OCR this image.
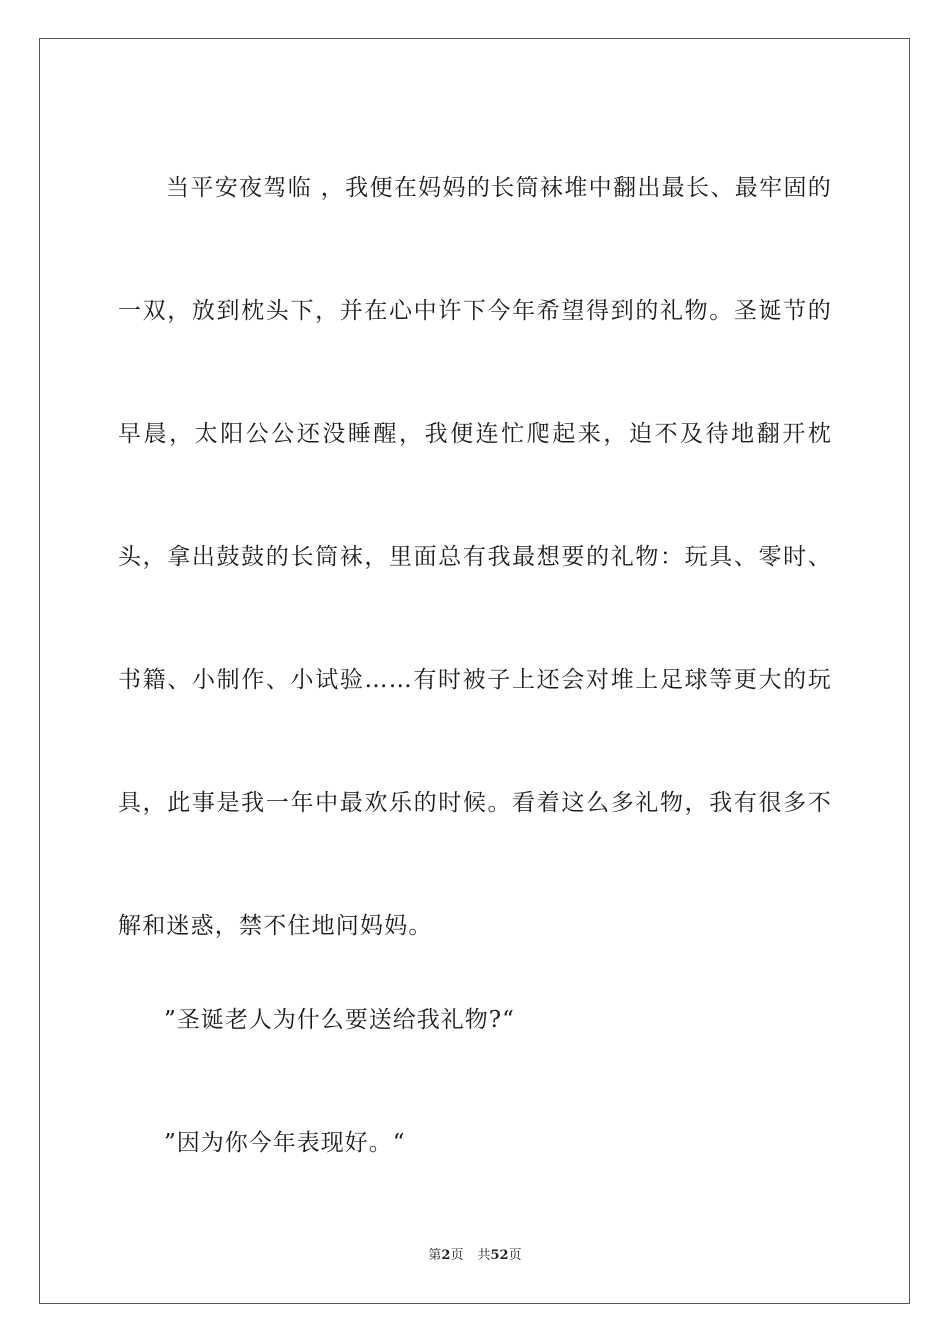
当平安夜驾临 ，我便在妈妈的长筒袜堆中翻出最长、最牢固的一双，放到枕头下，并在心中许下今年希望得到的礼物。圣诞节的早晨，太阳公公还没睡醒，我便连忙爬起来，迫不及待地翻开枕头，拿出鼓鼓的长筒袜，里面总有我最想要的礼物：玩具、零时、书籍、小制作、小试验……有时被子上还会对堆上足球等更大的玩具，此事是我一年中最欢乐的时候。看着这么多礼物，我有很多不解和迷惑，禁不住地问妈妈。

”圣诞老人为什么要送给我礼物?“
”因为你今年表现好。“
第2页 共52页
